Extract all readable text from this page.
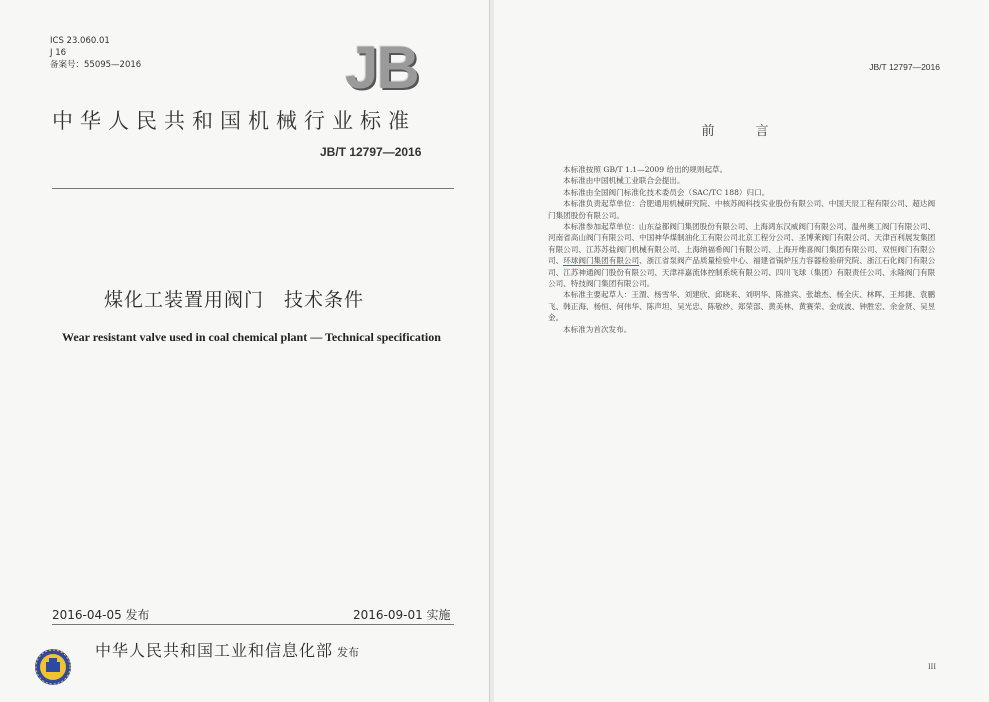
ICS 23.060.01
J 16
备案号：55095—2016	JB
中华人民共和国机械行业标准
JB/T 12797—2016
煤化工装置用阀门　技术条件
Wear resistant valve used in coal chemical plant — Technical specification
2016-04-05 发布	2016-09-01 实施
中华人民共和国工业和信息化部 发布
JB/T 12797—2016
前　言

本标准按照 GB/T 1.1—2009 给出的规则起草。

本标准由中国机械工业联合会提出。

本标准由全国阀门标准化技术委员会（SAC/TC 188）归口。

本标准负责起草单位：合肥通用机械研究院、中核苏阀科技实业股份有限公司、中国天辰工程有限公司、超达阀门集团股份有限公司。

本标准参加起草单位：山东益都阀门集团股份有限公司、上海鸿东汉威阀门有限公司、温州奥工阀门有限公司、河南省高山阀门有限公司、中国神华煤制油化工有限公司北京工程分公司、圣博莱阀门有限公司、天津百利展发集团有限公司、江苏苏盐阀门机械有限公司、上海纳福希阀门有限公司、上海开维喜阀门集团有限公司、双恒阀门有限公司、环球阀门集团有限公司、浙江省泵阀产品质量检验中心、福建省锅炉压力容器检验研究院、浙江石化阀门有限公司、江苏神通阀门股份有限公司、天津祥嘉流体控制系统有限公司、四川飞球（集团）有限责任公司、永隆阀门有限公司、特技阀门集团有限公司。

本标准主要起草人：王渭、杨雪华、刘建欣、邱晓来、刘明华、陈推宾、张雄杰、杨全庆、林晖、王邦捷、袁鹏飞、韩正海、杨恒、何伟华、陈声坦、吴光忠、陈敬纱、郑荣部、黄美林、黄赛荣、金成波、钟胜宏、余金贤、吴昱金。

本标准为首次发布。

III
